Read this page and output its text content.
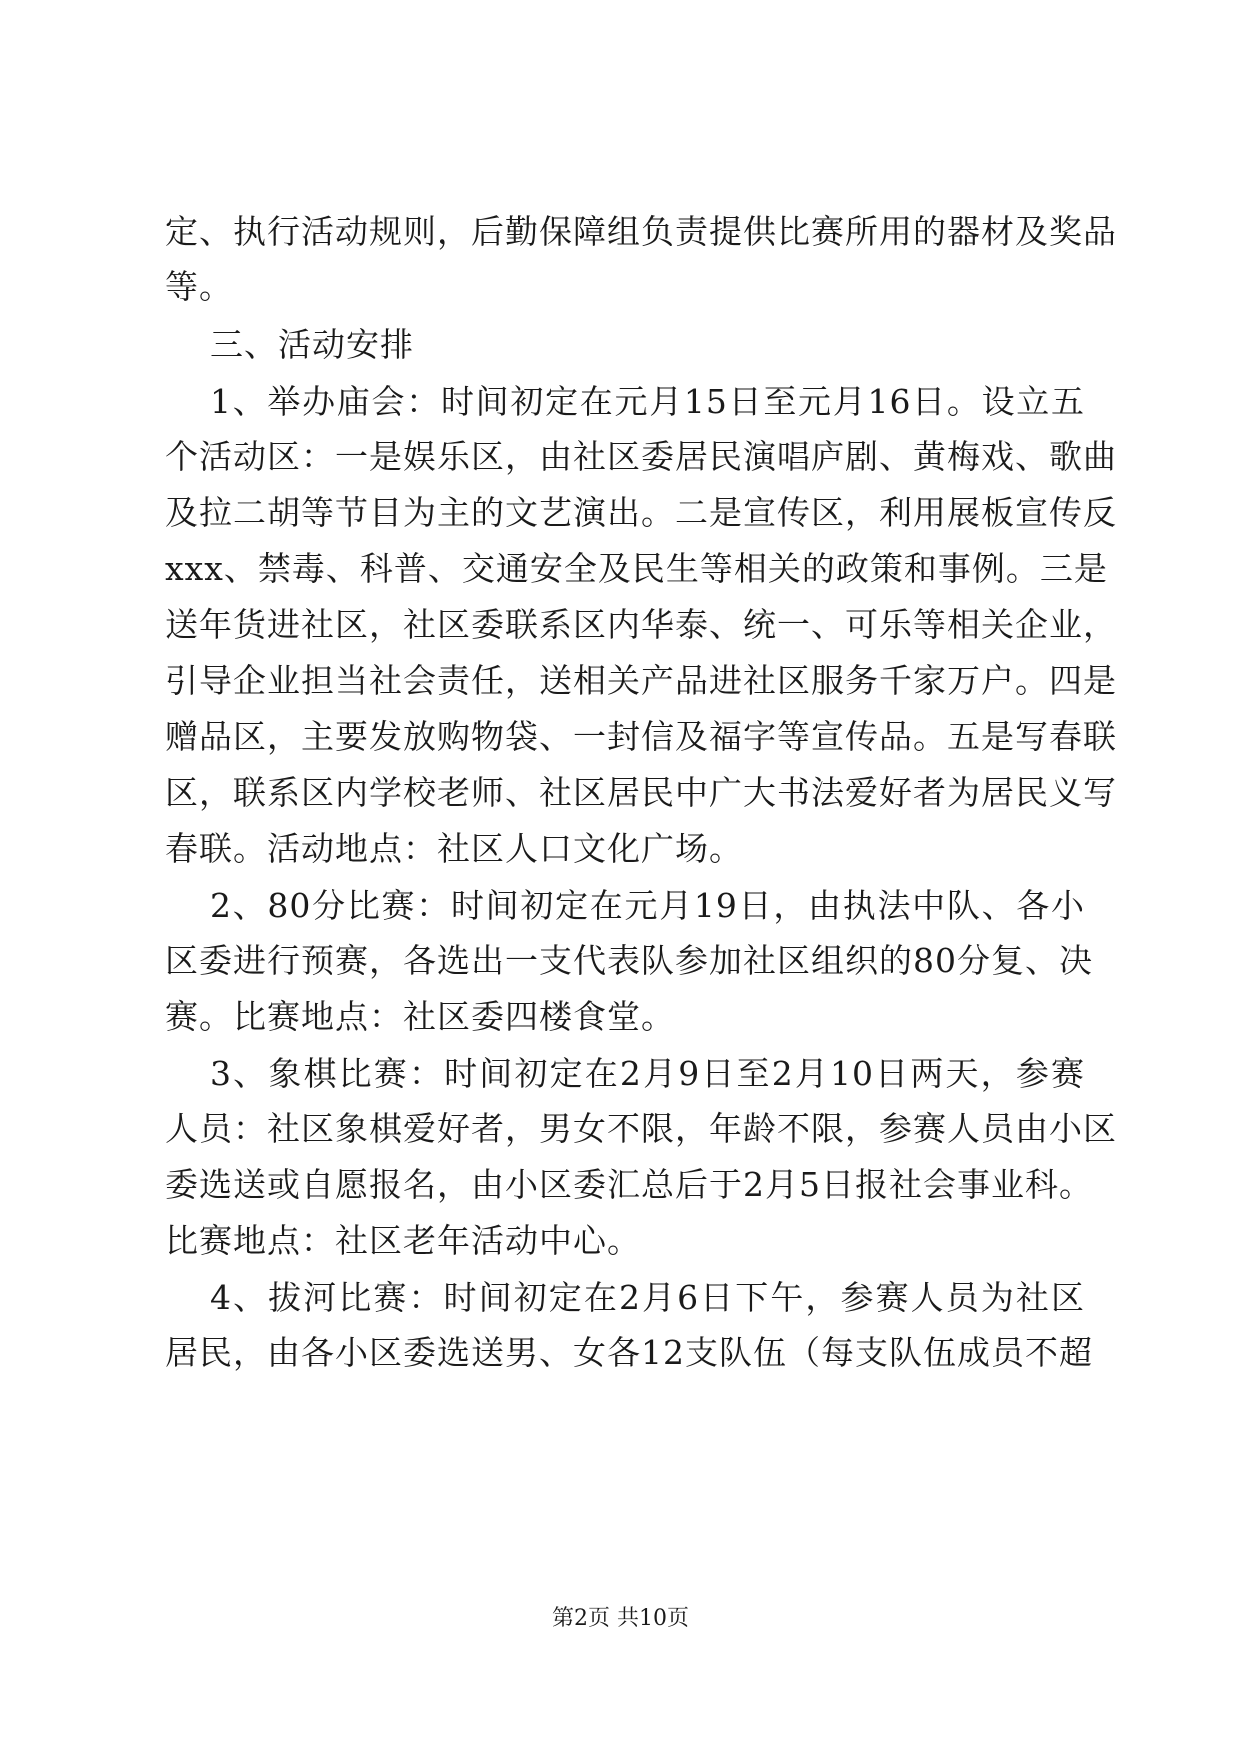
定、执行活动规则，后勤保障组负责提供比赛所用的器材及奖品
等。
三、活动安排
1、举办庙会：时间初定在元月15日至元月16日。设立五
个活动区：一是娱乐区，由社区委居民演唱庐剧、黄梅戏、歌曲
及拉二胡等节目为主的文艺演出。二是宣传区，利用展板宣传反
xxx、禁毒、科普、交通安全及民生等相关的政策和事例。三是
送年货进社区，社区委联系区内华泰、统一、可乐等相关企业，
引导企业担当社会责任，送相关产品进社区服务千家万户。四是
赠品区，主要发放购物袋、一封信及福字等宣传品。五是写春联
区，联系区内学校老师、社区居民中广大书法爱好者为居民义写
春联。活动地点：社区人口文化广场。
2、80分比赛：时间初定在元月19日，由执法中队、各小
区委进行预赛，各选出一支代表队参加社区组织的80分复、决
赛。比赛地点：社区委四楼食堂。
3、象棋比赛：时间初定在2月9日至2月10日两天，参赛
人员：社区象棋爱好者，男女不限，年龄不限，参赛人员由小区
委选送或自愿报名，由小区委汇总后于2月5日报社会事业科。
比赛地点：社区老年活动中心。
4、拔河比赛：时间初定在2月6日下午，参赛人员为社区
居民，由各小区委选送男、女各12支队伍（每支队伍成员不超
第2页 共10页
